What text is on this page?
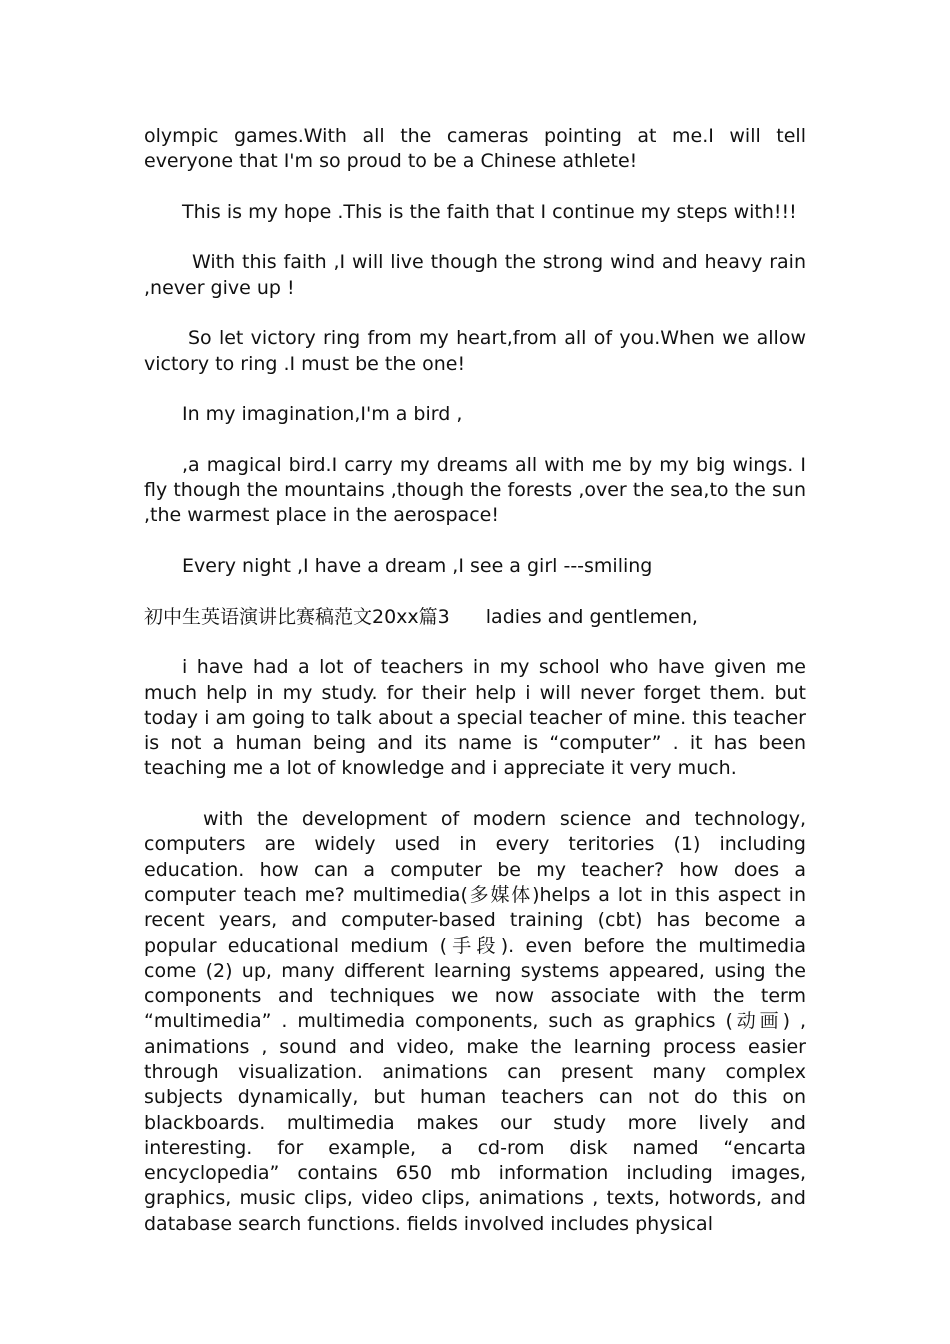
olympic games.With all the cameras pointing at me.I will tell everyone that I'm so proud to be a Chinese athlete!

This is my hope .This is the faith that I continue my steps with!!!

With this faith ,I will live though the strong wind and heavy rain ,never give up !

So let victory ring from my heart,from all of you.When we allow victory to ring .I must be the one!

In my imagination,I'm a bird ,

,a magical bird.I carry my dreams all with me by my big wings. I fly though the mountains ,though the forests ,over the sea,to the sun ,the warmest place in the aerospace!

Every night ,I have a dream ,I see a girl ---smiling

初中生英语演讲比赛稿范文20xx篇3 ladies and gentlemen,

i have had a lot of teachers in my school who have given me much help in my study. for their help i will never forget them. but today i am going to talk about a special teacher of mine. this teacher is not a human being and its name is “computer” . it has been teaching me a lot of knowledge and i appreciate it very much.

with the development of modern science and technology, computers are widely used in every teritories (1) including education. how can a computer be my teacher? how does a computer teach me? multimedia(多媒体)helps a lot in this aspect in recent years, and computer-based training (cbt) has become a popular educational medium (手段). even before the multimedia come (2) up, many different learning systems appeared, using the components and techniques we now associate with the term “multimedia” . multimedia components, such as graphics (动画) , animations , sound and video, make the learning process easier through visualization. animations can present many complex subjects dynamically, but human teachers can not do this on blackboards. multimedia makes our study more lively and interesting. for example, a cd-rom disk named “encarta encyclopedia” contains 650 mb information including images, graphics, music clips, video clips, animations , texts, hotwords, and database search functions. fields involved includes physical
